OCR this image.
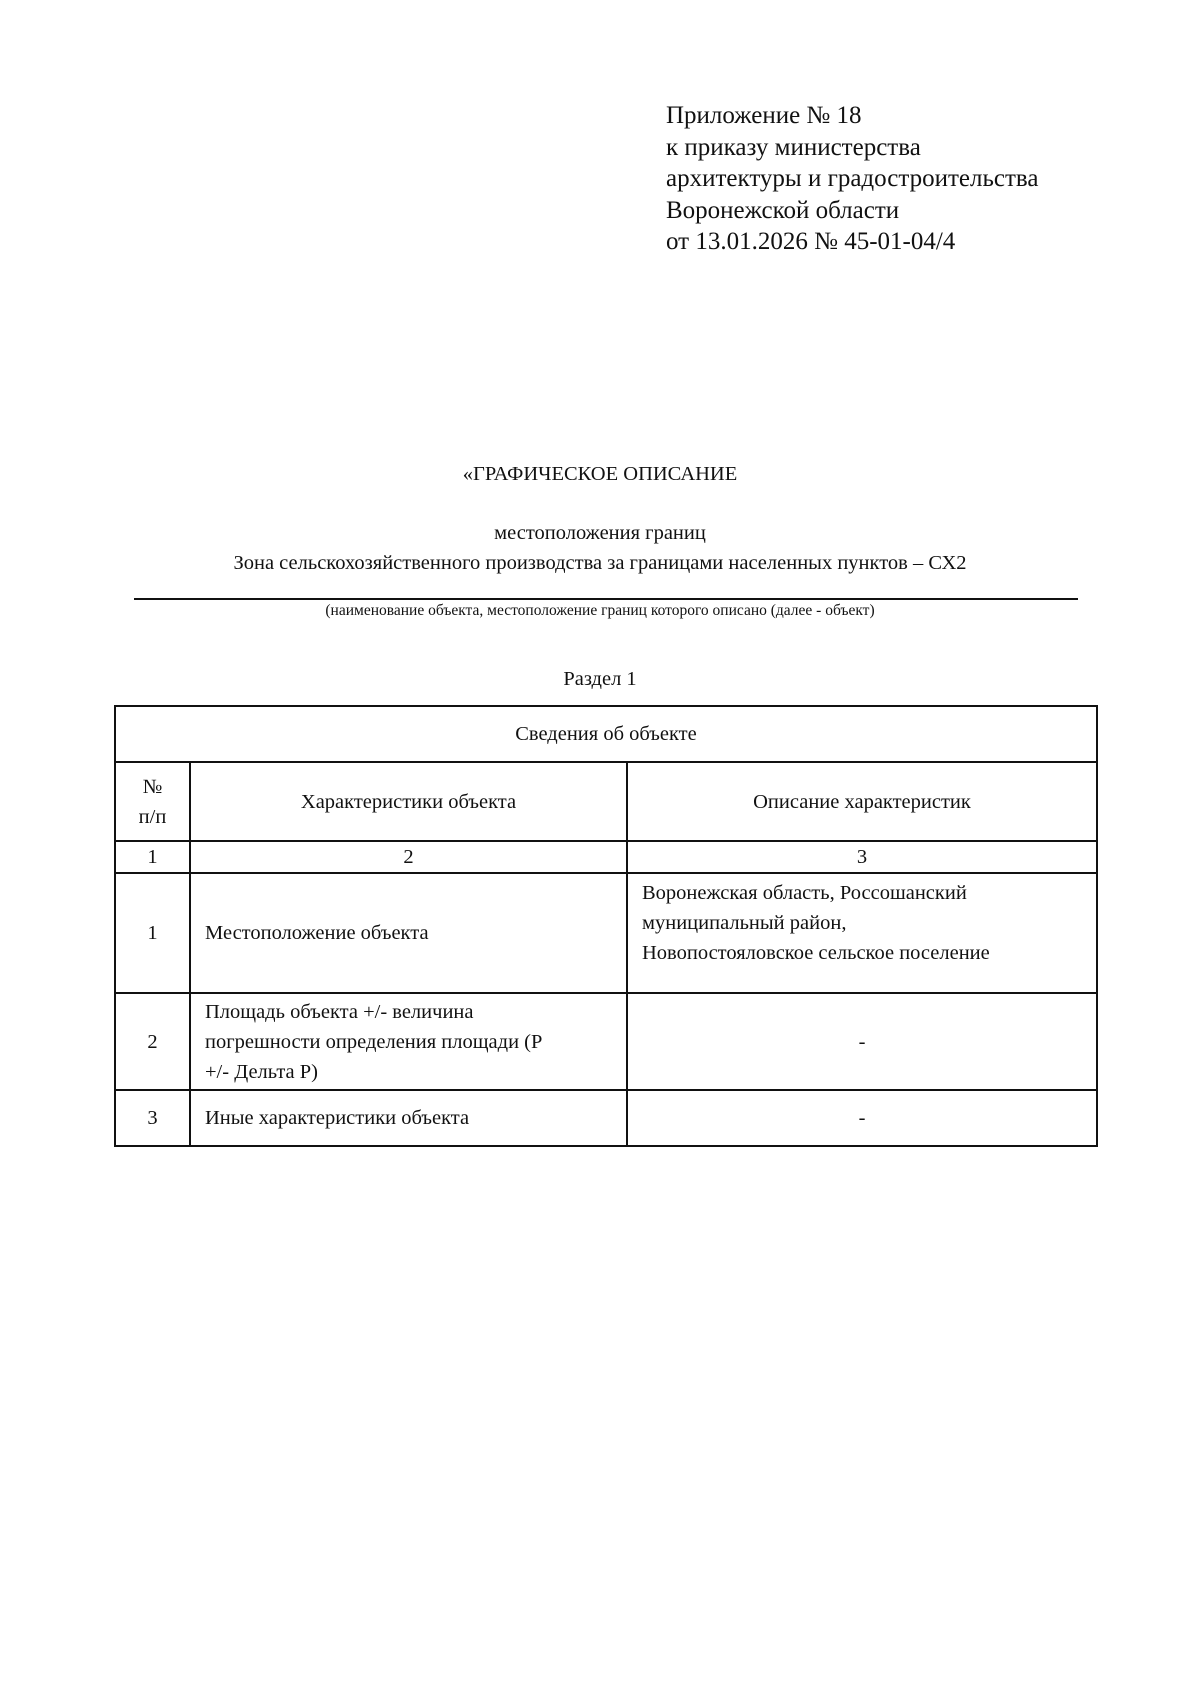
Приложение № 18
к приказу министерства
архитектуры и градостроительства
Воронежской области
от 13.01.2026 № 45-01-04/4
«ГРАФИЧЕСКОЕ ОПИСАНИЕ
местоположения границ
Зона сельскохозяйственного производства за границами населенных пунктов – СХ2
(наименование объекта, местоположение границ которого описано (далее - объект)
Раздел 1
Сведения об объекте		

№
п/п	Характеристики объекта	Описание характеристик
1	2	3
1	Местоположение объекта	Воронежская область, Россошанский
муниципальный район,
Новопостояловское сельское поселение

2	Площадь объекта +/- величина
погрешности определения площади (P
+/- Дельта P)	-
3	Иные характеристики объекта	-
